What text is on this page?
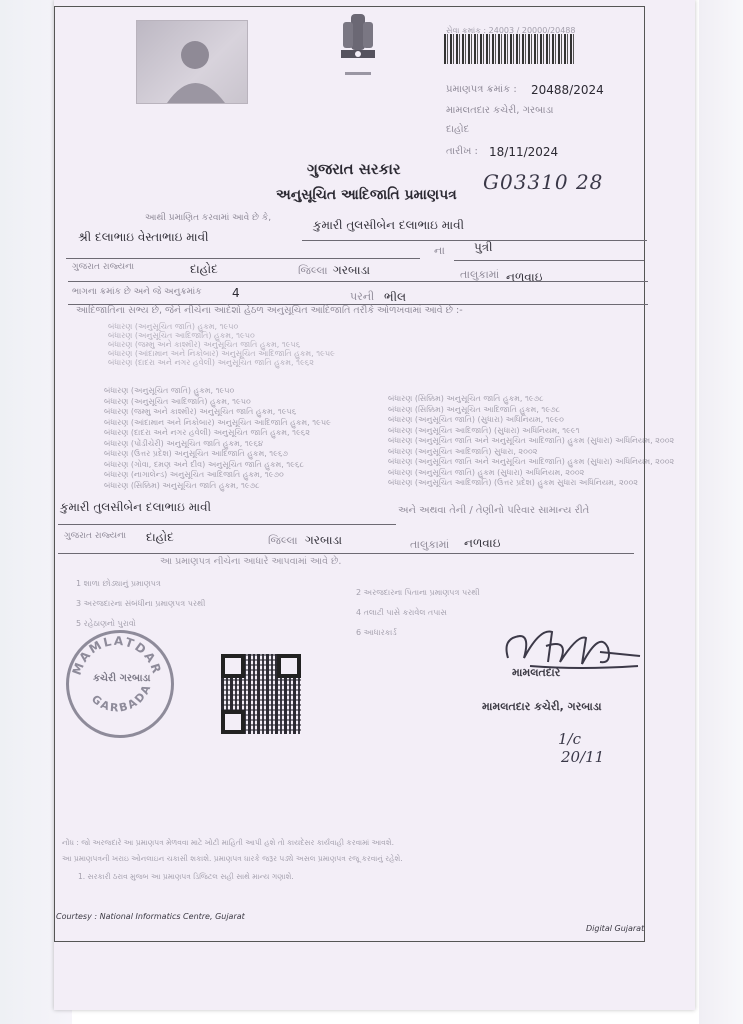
સેવા ક્રમાંક : 24003 / 20000/20488
પ્રમાણપત્ર ક્રમાંક : 20488/2024
મામલતદાર કચેરી, ગરબાડા
દાહોદ
તારીખ : 18/11/2024
ગુજરાત સરકાર
અનુસૂચિત આદિજાતિ પ્રમાણપત્ર
G03310 28
આથી પ્રમાણિત કરવામાં આવે છે કે,	કુમારી તુલસીબેન દલાભાઇ માવી
શ્રી દલાભાઇ વેસ્તાભાઇ માવી
ના પુત્રી
ગુજરાત રાજ્યના	દાહોદ	જિલ્લા ગરબાડા	તાલુકામાં નળવાઇ
ભાગના ક્રમાંક છે અને જે અનુક્રમાંક	4	પરની ભીલ
આદિજાતિના સભ્ય છે, જેને નીચેના આદેશો હેઠળ અનુસૂચિત આદિજાતિ તરીકે ઓળખવામાં આવે છે :-
બંધારણ (અનુસૂચિત જાતિ) હુકમ, ૧૯૫૦
બંધારણ (અનુસૂચિત આદિજાતિ) હુકમ, ૧૯૫૦
બંધારણ (જમ્મુ અને કાશ્મીર) અનુસૂચિત જાતિ હુકમ, ૧૯૫૬
બંધારણ (આંદામાન અને નિકોબાર) અનુસૂચિત આદિજાતિ હુકમ, ૧૯૫૯
બંધારણ (દાદરા અને નગર હવેલી) અનુસૂચિત જાતિ હુકમ, ૧૯૬૨
બંધારણ (અનુસૂચિત જાતિ) હુકમ, ૧૯૫૦
બંધારણ (અનુસૂચિત આદિજાતિ) હુકમ, ૧૯૫૦
બંધારણ (જમ્મુ અને કાશ્મીર) અનુસૂચિત જાતિ હુકમ, ૧૯૫૬
બંધારણ (આંદામાન અને નિકોબાર) અનુસૂચિત આદિજાતિ હુકમ, ૧૯૫૯
બંધારણ (દાદરા અને નગર હવેલી) અનુસૂચિત જાતિ હુકમ, ૧૯૬૨
બંધારણ (પોંડીચેરી) અનુસૂચિત જાતિ હુકમ, ૧૯૬૪
બંધારણ (ઉત્તર પ્રદેશ) અનુસૂચિત આદિજાતિ હુકમ, ૧૯૬૭
બંધારણ (ગોવા, દમણ અને દીવ) અનુસૂચિત જાતિ હુકમ, ૧૯૬૮
બંધારણ (નાગાલેન્ડ) અનુસૂચિત આદિજાતિ હુકમ, ૧૯૭૦
બંધારણ (સિક્કિમ) અનુસૂચિત જાતિ હુકમ, ૧૯૭૮
બંધારણ (સિક્કિમ) અનુસૂચિત જાતિ હુકમ, ૧૯૭૮
બંધારણ (સિક્કિમ) અનુસૂચિત આદિજાતિ હુકમ, ૧૯૭૮
બંધારણ (અનુસૂચિત જાતિ) (સુધારા) અધિનિયમ, ૧૯૯૦
બંધારણ (અનુસૂચિત આદિજાતિ) (સુધારા) અધિનિયમ, ૧૯૯૧
બંધારણ (અનુસૂચિત જાતિ અને અનુસૂચિત આદિજાતિ) હુકમ (સુધારા) અધિનિયમ, ૨૦૦૨
બંધારણ (અનુસૂચિત આદિજાતિ) સુધારા, ૨૦૦૨
બંધારણ (અનુસૂચિત જાતિ અને અનુસૂચિત આદિજાતિ) હુકમ (સુધારા) અધિનિયમ, ૨૦૦૨
બંધારણ (અનુસૂચિત જાતિ) હુકમ (સુધારા) અધિનિયમ, ૨૦૦૨
બંધારણ (અનુસૂચિત આદિજાતિ) (ઉત્તર પ્રદેશ) હુકમ સુધારા અધિનિયમ, ૨૦૦૨
કુમારી તુલસીબેન દલાભાઇ માવી	અને અથવા તેની / તેણીનો પરિવાર સામાન્ય રીતે
ગુજરાત રાજ્યના દાહોદ	જિલ્લા ગરબાડા	તાલુકામાં નળવાઇ
આ પ્રમાણપત્ર નીચેના આધારે આપવામાં આવે છે.
1 શાળા છોડ્યાનું પ્રમાણપત્ર
3 અરજદારના સંબંધીના પ્રમાણપત્ર પરથી
5 રહેઠાણનો પુરાવો
2 અરજદારના પિતાના પ્રમાણપત્ર પરથી
4 તલાટી પાસે કરાવેલ તપાસ
6 આધારકાર્ડ
MAMLATDAR
GARBADA
કચેરી ગરબાડા	મામલતદાર
મામલતદાર કચેરી, ગરબાડા
1/c
20/11
નોંધ : જો અરજદારે આ પ્રમાણપત્ર મેળવવા માટે ખોટી માહિતી આપી હશે તો કાયદેસર કાર્યવાહી કરવામાં આવશે.
આ પ્રમાણપત્રની ખરાઇ ઓનલાઇન ચકાસી શકાશે. પ્રમાણપત્ર ધારકે જરૂર પડ્યે અસલ પ્રમાણપત્ર રજૂ કરવાનું રહેશે.
1. સરકારી ઠરાવ મુજબ આ પ્રમાણપત્ર ડિજિટલ સહી સાથે માન્ય ગણાશે.
Courtesy : National Informatics Centre, Gujarat
Digital Gujarat
